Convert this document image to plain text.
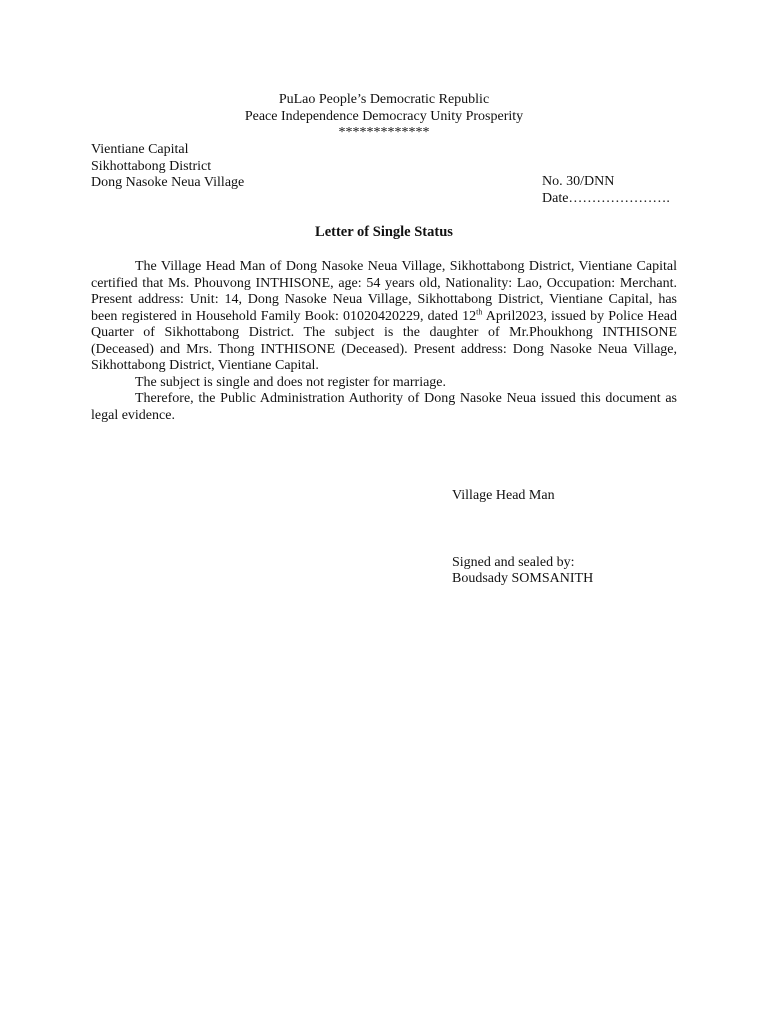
PuLao People’s Democratic Republic
Peace Independence Democracy Unity Prosperity
*************
Vientiane Capital
Sikhottabong District
Dong Nasoke Neua Village	No. 30/DNN
Date………………….
Letter of Single Status

The Village Head Man of Dong Nasoke Neua Village, Sikhottabong District, Vientiane Capital certified that Ms. Phouvong INTHISONE, age: 54 years old, Nationality: Lao, Occupation: Merchant. Present address: Unit: 14, Dong Nasoke Neua Village, Sikhottabong District, Vientiane Capital, has been registered in Household Family Book: 01020420229, dated 12th April2023, issued by Police Head Quarter of Sikhottabong District. The subject is the daughter of Mr.Phoukhong INTHISONE (Deceased) and Mrs. Thong INTHISONE (Deceased). Present address: Dong Nasoke Neua Village, Sikhottabong District, Vientiane Capital.

The subject is single and does not register for marriage.

Therefore, the Public Administration Authority of Dong Nasoke Neua issued this document as legal evidence.

Village Head Man
Signed and sealed by:
Boudsady SOMSANITH
